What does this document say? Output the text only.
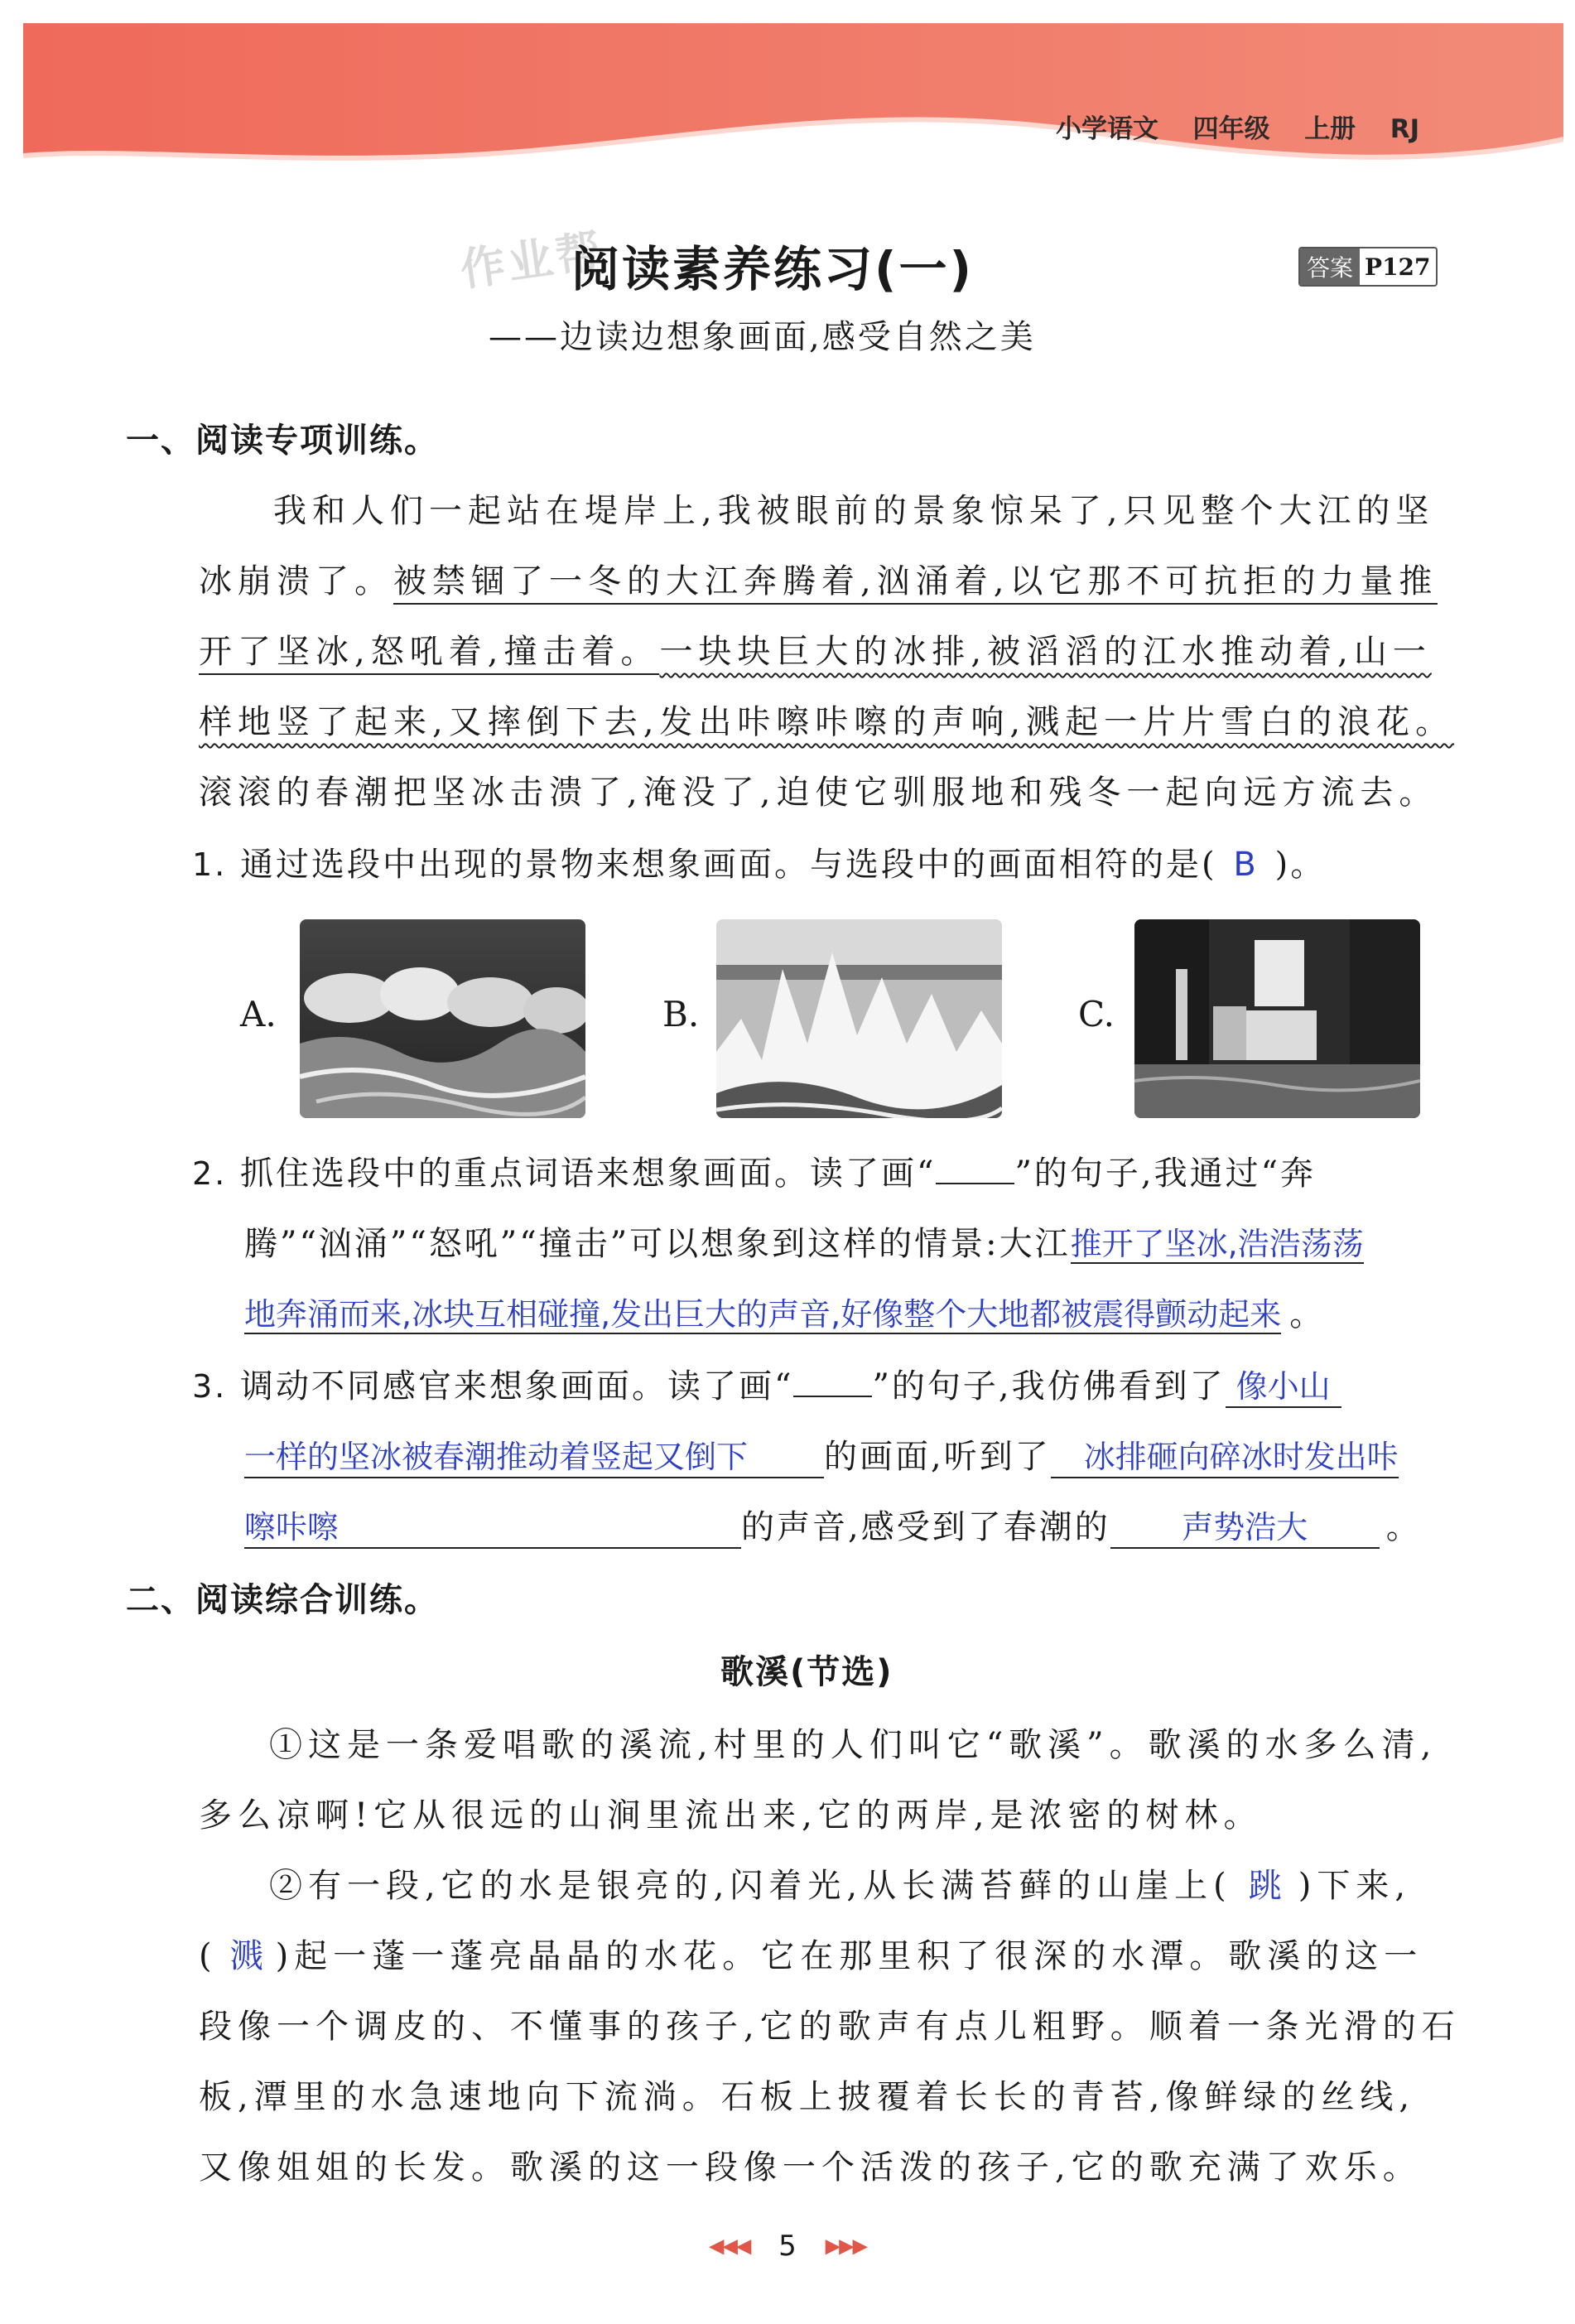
小学语文 四年级 上册 RJ
作业帮
阅读素养练习(一)	答案 P127
——边读边想象画面,感受自然之美
一、阅读专项训练。
我和人们一起站在堤岸上,我被眼前的景象惊呆了,只见整个大江的坚
冰崩溃了。被禁锢了一冬的大江奔腾着,汹涌着,以它那不可抗拒的力量推
开了坚冰,怒吼着,撞击着。一块块巨大的冰排,被滔滔的江水推动着,山一
样地竖了起来,又摔倒下去,发出咔嚓咔嚓的声响,溅起一片片雪白的浪花。
滚滚的春潮把坚冰击溃了,淹没了,迫使它驯服地和残冬一起向远方流去。
1. 通过选段中出现的景物来想象画面。与选段中的画面相符的是( B )。
A.	B.	C.
2. 抓住选段中的重点词语来想象画面。读了画“ ”的句子,我通过“奔
腾”“汹涌”“怒吼”“撞击”可以想象到这样的情景:大江推开了坚冰,浩浩荡荡
地奔涌而来,冰块互相碰撞,发出巨大的声音,好像整个大地都被震得颤动起来 。
3. 调动不同感官来想象画面。读了画“ ”的句子,我仿佛看到了 像小山
一样的坚冰被春潮推动着竖起又倒下 的画面,听到了 冰排砸向碎冰时发出咔
嚓咔嚓	的声音,感受到了春潮的 声势浩大 。
二、阅读综合训练。
歌溪(节选)
①这是一条爱唱歌的溪流,村里的人们叫它“歌溪”。歌溪的水多么清,
多么凉啊!它从很远的山涧里流出来,它的两岸,是浓密的树林。
②有一段,它的水是银亮的,闪着光,从长满苔藓的山崖上( 跳 )下来,
( 溅 )起一蓬一蓬亮晶晶的水花。它在那里积了很深的水潭。歌溪的这一
段像一个调皮的、不懂事的孩子,它的歌声有点儿粗野。顺着一条光滑的石
板,潭里的水急速地向下流淌。石板上披覆着长长的青苔,像鲜绿的丝线,
又像姐姐的长发。歌溪的这一段像一个活泼的孩子,它的歌充满了欢乐。
◀◀◀ 5 ▶▶▶
